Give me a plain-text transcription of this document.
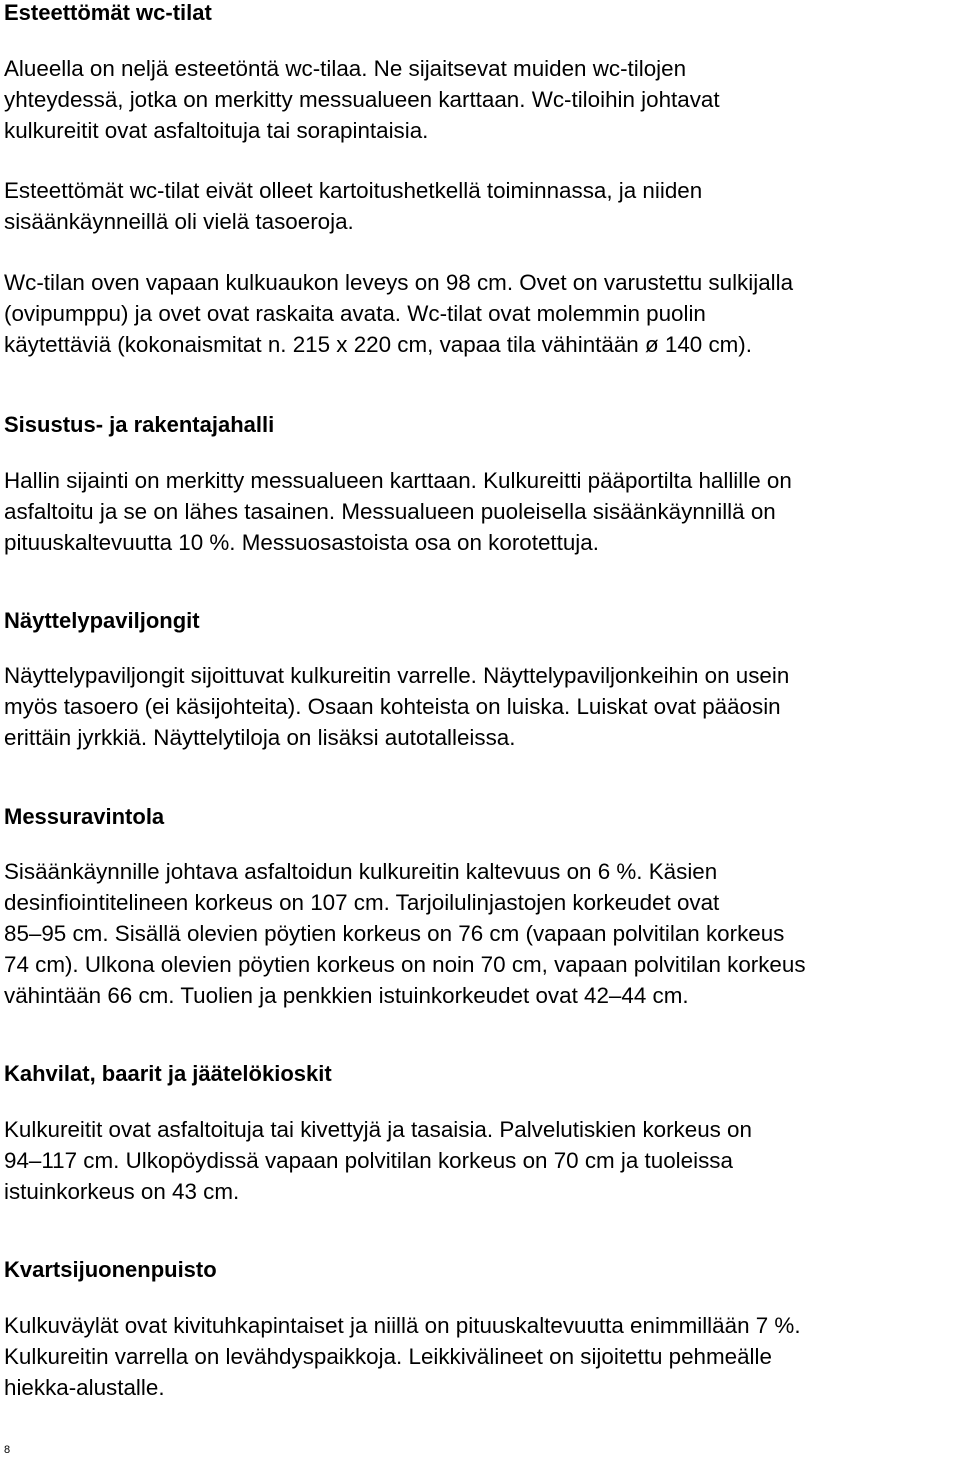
Esteettömät wc-tilat

Alueella on neljä esteetöntä wc-tilaa. Ne sijaitsevat muiden wc-tilojen
yhteydessä, jotka on merkitty messualueen karttaan. Wc-tiloihin johtavat
kulkureitit ovat asfaltoituja tai sorapintaisia.

Esteettömät wc-tilat eivät olleet kartoitushetkellä toiminnassa, ja niiden
sisäänkäynneillä oli vielä tasoeroja.

Wc-tilan oven vapaan kulkuaukon leveys on 98 cm. Ovet on varustettu sulkijalla
(ovipumppu) ja ovet ovat raskaita avata. Wc-tilat ovat molemmin puolin
käytettäviä (kokonaismitat n. 215 x 220 cm, vapaa tila vähintään ø 140 cm).

Sisustus- ja rakentajahalli

Hallin sijainti on merkitty messualueen karttaan. Kulkureitti pääportilta hallille on
asfaltoitu ja se on lähes tasainen. Messualueen puoleisella sisäänkäynnillä on
pituuskaltevuutta 10 %. Messuosastoista osa on korotettuja.

Näyttelypaviljongit

Näyttelypaviljongit sijoittuvat kulkureitin varrelle. Näyttelypaviljonkeihin on usein
myös tasoero (ei käsijohteita). Osaan kohteista on luiska. Luiskat ovat pääosin
erittäin jyrkkiä. Näyttelytiloja on lisäksi autotalleissa.

Messuravintola

Sisäänkäynnille johtava asfaltoidun kulkureitin kaltevuus on 6 %. Käsien
desinfiointitelineen korkeus on 107 cm. Tarjoilulinjastojen korkeudet ovat
85–95 cm. Sisällä olevien pöytien korkeus on 76 cm (vapaan polvitilan korkeus
74 cm). Ulkona olevien pöytien korkeus on noin 70 cm, vapaan polvitilan korkeus
vähintään 66 cm. Tuolien ja penkkien istuinkorkeudet ovat 42–44 cm.

Kahvilat, baarit ja jäätelökioskit

Kulkureitit ovat asfaltoituja tai kivettyjä ja tasaisia. Palvelutiskien korkeus on
94–117 cm. Ulkopöydissä vapaan polvitilan korkeus on 70 cm ja tuoleissa
istuinkorkeus on 43 cm.

Kvartsijuonenpuisto

Kulkuväylät ovat kivituhkapintaiset ja niillä on pituuskaltevuutta enimmillään 7 %.
Kulkureitin varrella on levähdyspaikkoja. Leikkivälineet on sijoitettu pehmeälle
hiekka-alustalle.

8
